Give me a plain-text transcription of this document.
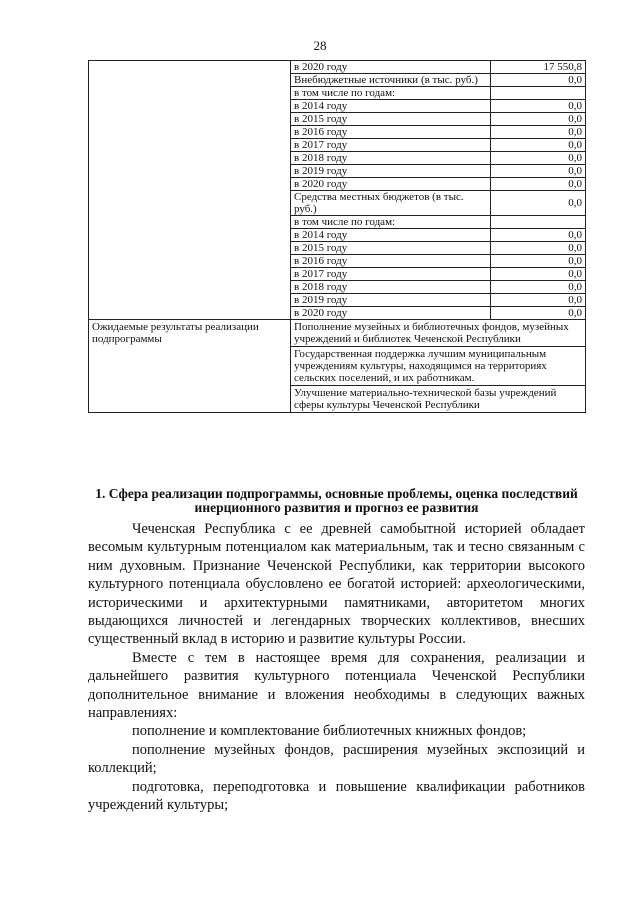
28
	в 2020 году	17 550,8
	Внебюджетные источники (в тыс. руб.)	0,0
	в том числе по годам:	
	в 2014 году	0,0
	в 2015 году	0,0
	в 2016 году	0,0
	в 2017 году	0,0
	в 2018 году	0,0
	в 2019 году	0,0
	в 2020 году	0,0
	Средства местных бюджетов (в тыс. руб.)	0,0
	в том числе по годам:	
	в 2014 году	0,0
	в 2015 году	0,0
	в 2016 году	0,0
	в 2017 году	0,0
	в 2018 году	0,0
	в 2019 году	0,0
	в 2020 году	0,0
Ожидаемые результаты реализации подпрограммы	Пополнение музейных и библиотечных фондов, музейных учреждений и библиотек Чеченской Республики	
	Государственная поддержка лучшим муниципальным учреждениям культуры, находящимся на территориях сельских поселений, и их работникам.	
	Улучшение материально-технической базы учреждений сферы культуры Чеченской Республики	
1. Сфера реализации подпрограммы, основные проблемы, оценка последствий инерционного развития и прогноз ее развития

Чеченская Республика с ее древней самобытной историей обладает весомым культурным потенциалом как материальным, так и тесно связанным с ним духовным. Признание Чеченской Республики, как территории высокого культурного потенциала обусловлено ее богатой историей: археологическими, историческими и архитектурными памятниками, авторитетом многих выдающихся личностей и легендарных творческих коллективов, внесших существенный вклад в историю и развитие культуры России.

Вместе с тем в настоящее время для сохранения, реализации и дальнейшего развития культурного потенциала Чеченской Республики дополнительное внимание и вложения необходимы в следующих важных направлениях:

пополнение и комплектование библиотечных книжных фондов;

пополнение музейных фондов, расширения музейных экспозиций и коллекций;

подготовка, переподготовка и повышение квалификации работников учреждений культуры;
